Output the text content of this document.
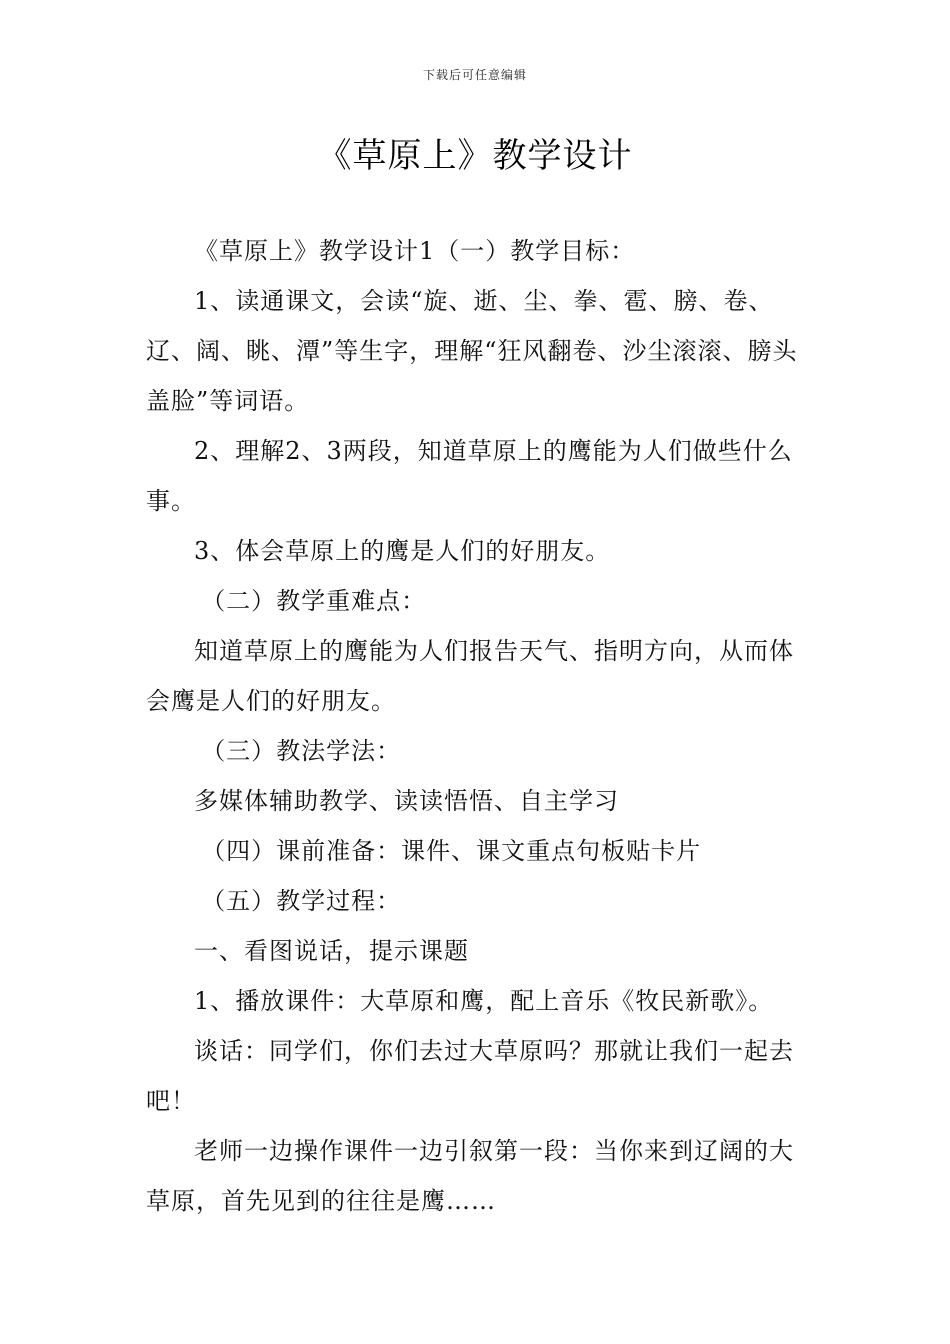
下载后可任意编辑
《草原上》教学设计

《草原上》教学设计1（一）教学目标：

1、读通课文，会读“旋、逝、尘、拳、雹、膀、卷、辽、阔、眺、潭”等生字，理解“狂风翻卷、沙尘滚滚、膀头盖脸”等词语。

2、理解2、3两段，知道草原上的鹰能为人们做些什么事。

3、体会草原上的鹰是人们的好朋友。

（二）教学重难点：

知道草原上的鹰能为人们报告天气、指明方向，从而体会鹰是人们的好朋友。

（三）教法学法：

多媒体辅助教学、读读悟悟、自主学习

（四）课前准备：课件、课文重点句板贴卡片

（五）教学过程：

一、看图说话，提示课题

1、播放课件：大草原和鹰，配上音乐《牧民新歌》。

谈话：同学们，你们去过大草原吗？那就让我们一起去吧！

老师一边操作课件一边引叙第一段：当你来到辽阔的大草原，首先见到的往往是鹰……
